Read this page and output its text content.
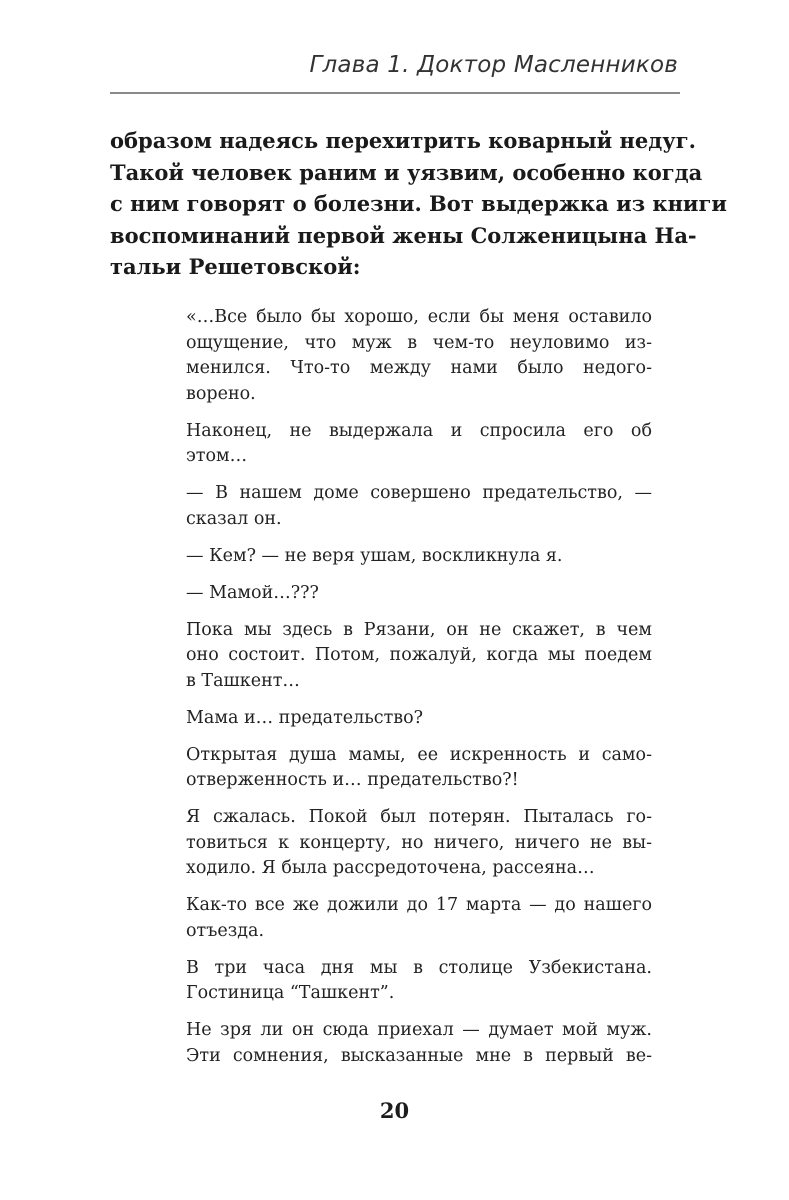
Глава 1. Доктор Масленников
образом надеясь перехитрить коварный недуг.
Такой человек раним и уязвим, особенно когда
с ним говорят о болезни. Вот выдержка из книги
воспоминаний первой жены Солженицына На-
тальи Решетовской:
«…Все было бы хорошо, если бы меня оставило
ощущение, что муж в чем-то неуловимо из-
менился. Что-то между нами было недого-
ворено.
Наконец, не выдержала и спросила его об
этом…
— В нашем доме совершено предательство, —
сказал он.
— Кем? — не веря ушам, воскликнула я.
— Мамой…???
Пока мы здесь в Рязани, он не скажет, в чем
оно состоит. Потом, пожалуй, когда мы поедем
в Ташкент…
Мама и… предательство?
Открытая душа мамы, ее искренность и само-
отверженность и… предательство?!
Я сжалась. Покой был потерян. Пыталась го-
товиться к концерту, но ничего, ничего не вы-
ходило. Я была рассредоточена, рассеяна…
Как-то все же дожили до 17 марта — до нашего
отъезда.
В три часа дня мы в столице Узбекистана.
Гостиница “Ташкент”.
Не зря ли он сюда приехал — думает мой муж.
Эти сомнения, высказанные мне в первый ве-
20
